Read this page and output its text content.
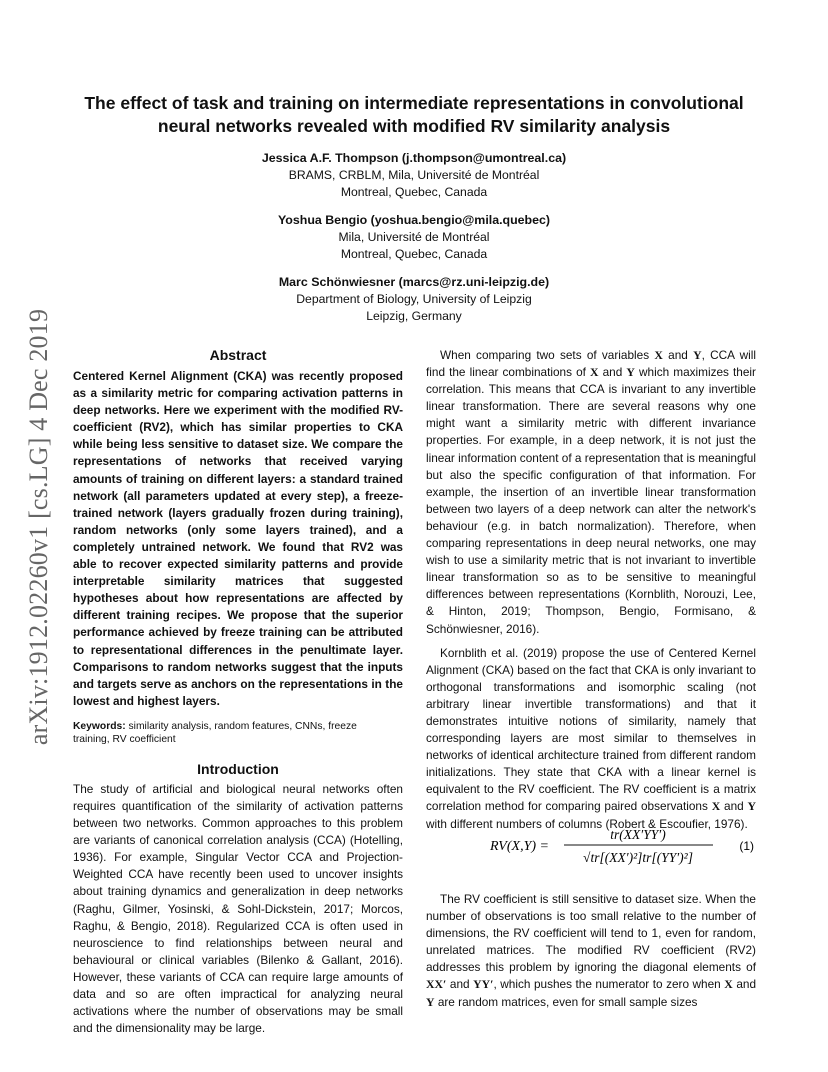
arXiv:1912.02260v1 [cs.LG] 4 Dec 2019
The effect of task and training on intermediate representations in convolutional neural networks revealed with modified RV similarity analysis
Jessica A.F. Thompson (j.thompson@umontreal.ca)
BRAMS, CRBLM, Mila, Université de Montréal
Montreal, Quebec, Canada
Yoshua Bengio (yoshua.bengio@mila.quebec)
Mila, Université de Montréal
Montreal, Quebec, Canada
Marc Schönwiesner (marcs@rz.uni-leipzig.de)
Department of Biology, University of Leipzig
Leipzig, Germany

Abstract

Centered Kernel Alignment (CKA) was recently proposed as a similarity metric for comparing activation patterns in deep networks. Here we experiment with the modified RV-coefficient (RV2), which has similar properties to CKA while being less sensitive to dataset size. We compare the representations of networks that received varying amounts of training on different layers: a standard trained network (all parameters updated at every step), a freeze-trained network (layers gradually frozen during training), random networks (only some layers trained), and a completely untrained network. We found that RV2 was able to recover expected similarity patterns and provide interpretable similarity matrices that suggested hypotheses about how representations are affected by different training recipes. We propose that the superior performance achieved by freeze training can be attributed to representational differences in the penultimate layer. Comparisons to random networks suggest that the inputs and targets serve as anchors on the representations in the lowest and highest layers.

Keywords: similarity analysis, random features, CNNs, freeze training, RV coefficient

Introduction

The study of artificial and biological neural networks often requires quantification of the similarity of activation patterns between two networks. Common approaches to this problem are variants of canonical correlation analysis (CCA) (Hotelling, 1936). For example, Singular Vector CCA and Projection-Weighted CCA have recently been used to uncover insights about training dynamics and generalization in deep networks (Raghu, Gilmer, Yosinski, & Sohl-Dickstein, 2017; Morcos, Raghu, & Bengio, 2018). Regularized CCA is often used in neuroscience to find relationships between neural and behavioural or clinical variables (Bilenko & Gallant, 2016). However, these variants of CCA can require large amounts of data and so are often impractical for analyzing neural activations where the number of observations may be small and the dimensionality may be large.

When comparing two sets of variables X and Y, CCA will find the linear combinations of X and Y which maximizes their correlation. This means that CCA is invariant to any invertible linear transformation. There are several reasons why one might want a similarity metric with different invariance properties. For example, in a deep network, it is not just the linear information content of a representation that is meaningful but also the specific configuration of that information. For example, the insertion of an invertible linear transformation between two layers of a deep network can alter the network's behaviour (e.g. in batch normalization). Therefore, when comparing representations in deep neural networks, one may wish to use a similarity metric that is not invariant to invertible linear transformation so as to be sensitive to meaningful differences between representations (Kornblith, Norouzi, Lee, & Hinton, 2019; Thompson, Bengio, Formisano, & Schönwiesner, 2016).

Kornblith et al. (2019) propose the use of Centered Kernel Alignment (CKA) based on the fact that CKA is only invariant to orthogonal transformations and isomorphic scaling (not arbitrary linear invertible transformations) and that it demonstrates intuitive notions of similarity, namely that corresponding layers are most similar to themselves in networks of identical architecture trained from different random initializations. They state that CKA with a linear kernel is equivalent to the RV coefficient. The RV coefficient is a matrix correlation method for comparing paired observations X and Y with different numbers of columns (Robert & Escoufier, 1976).

RV(X,Y) =
tr(XX′YY′)
√tr[(XX′)²]tr[(YY′)²]
(1)

The RV coefficient is still sensitive to dataset size. When the number of observations is too small relative to the number of dimensions, the RV coefficient will tend to 1, even for random, unrelated matrices. The modified RV coefficient (RV2) addresses this problem by ignoring the diagonal elements of XX′ and YY′, which pushes the numerator to zero when X and Y are random matrices, even for small sample sizes
